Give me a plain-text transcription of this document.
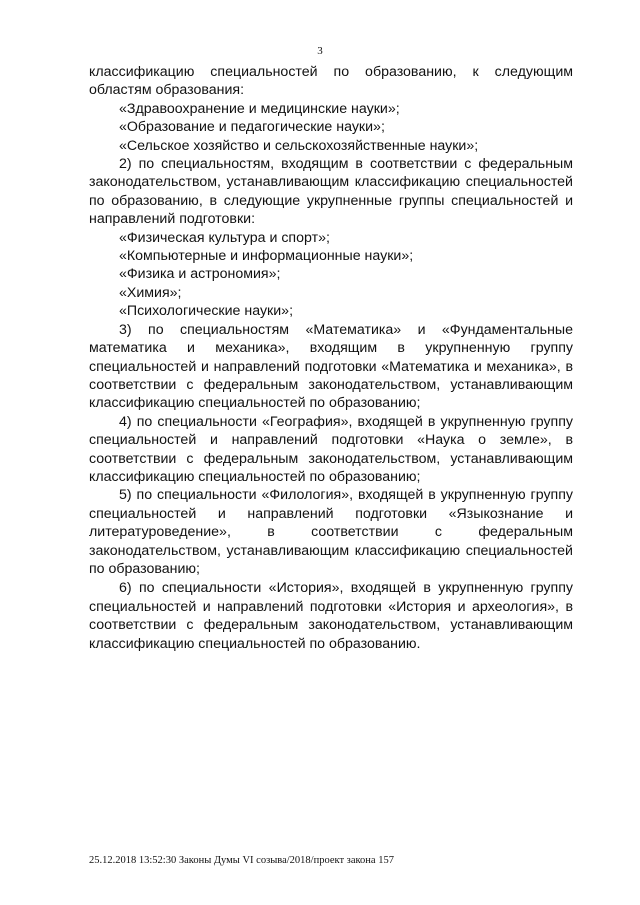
3

классификацию специальностей по образованию, к следующим областям образования:

«Здравоохранение и медицинские науки»;

«Образование и педагогические науки»;

«Сельское хозяйство и сельскохозяйственные науки»;

2) по специальностям, входящим в соответствии с федеральным законодательством, устанавливающим классификацию специальностей по образованию, в следующие укрупненные группы специальностей и направлений подготовки:

«Физическая культура и спорт»;

«Компьютерные и информационные науки»;

«Физика и астрономия»;

«Химия»;

«Психологические науки»;

3) по специальностям «Математика» и «Фундаментальные математика и механика», входящим в укрупненную группу специальностей и направлений подготовки «Математика и механика», в соответствии с федеральным законодательством, устанавливающим классификацию специальностей по образованию;

4) по специальности «География», входящей в укрупненную группу специальностей и направлений подготовки «Наука о земле», в соответствии с федеральным законодательством, устанавливающим классификацию специальностей по образованию;

5) по специальности «Филология», входящей в укрупненную группу специальностей и направлений подготовки «Языкознание и литературоведение», в соответствии с федеральным законодательством, устанавливающим классификацию специальностей по образованию;

6) по специальности «История», входящей в укрупненную группу специальностей и направлений подготовки «История и археология», в соответствии с федеральным законодательством, устанавливающим классификацию специальностей по образованию.

25.12.2018 13:52:30 Законы Думы VI созыва/2018/проект закона 157
